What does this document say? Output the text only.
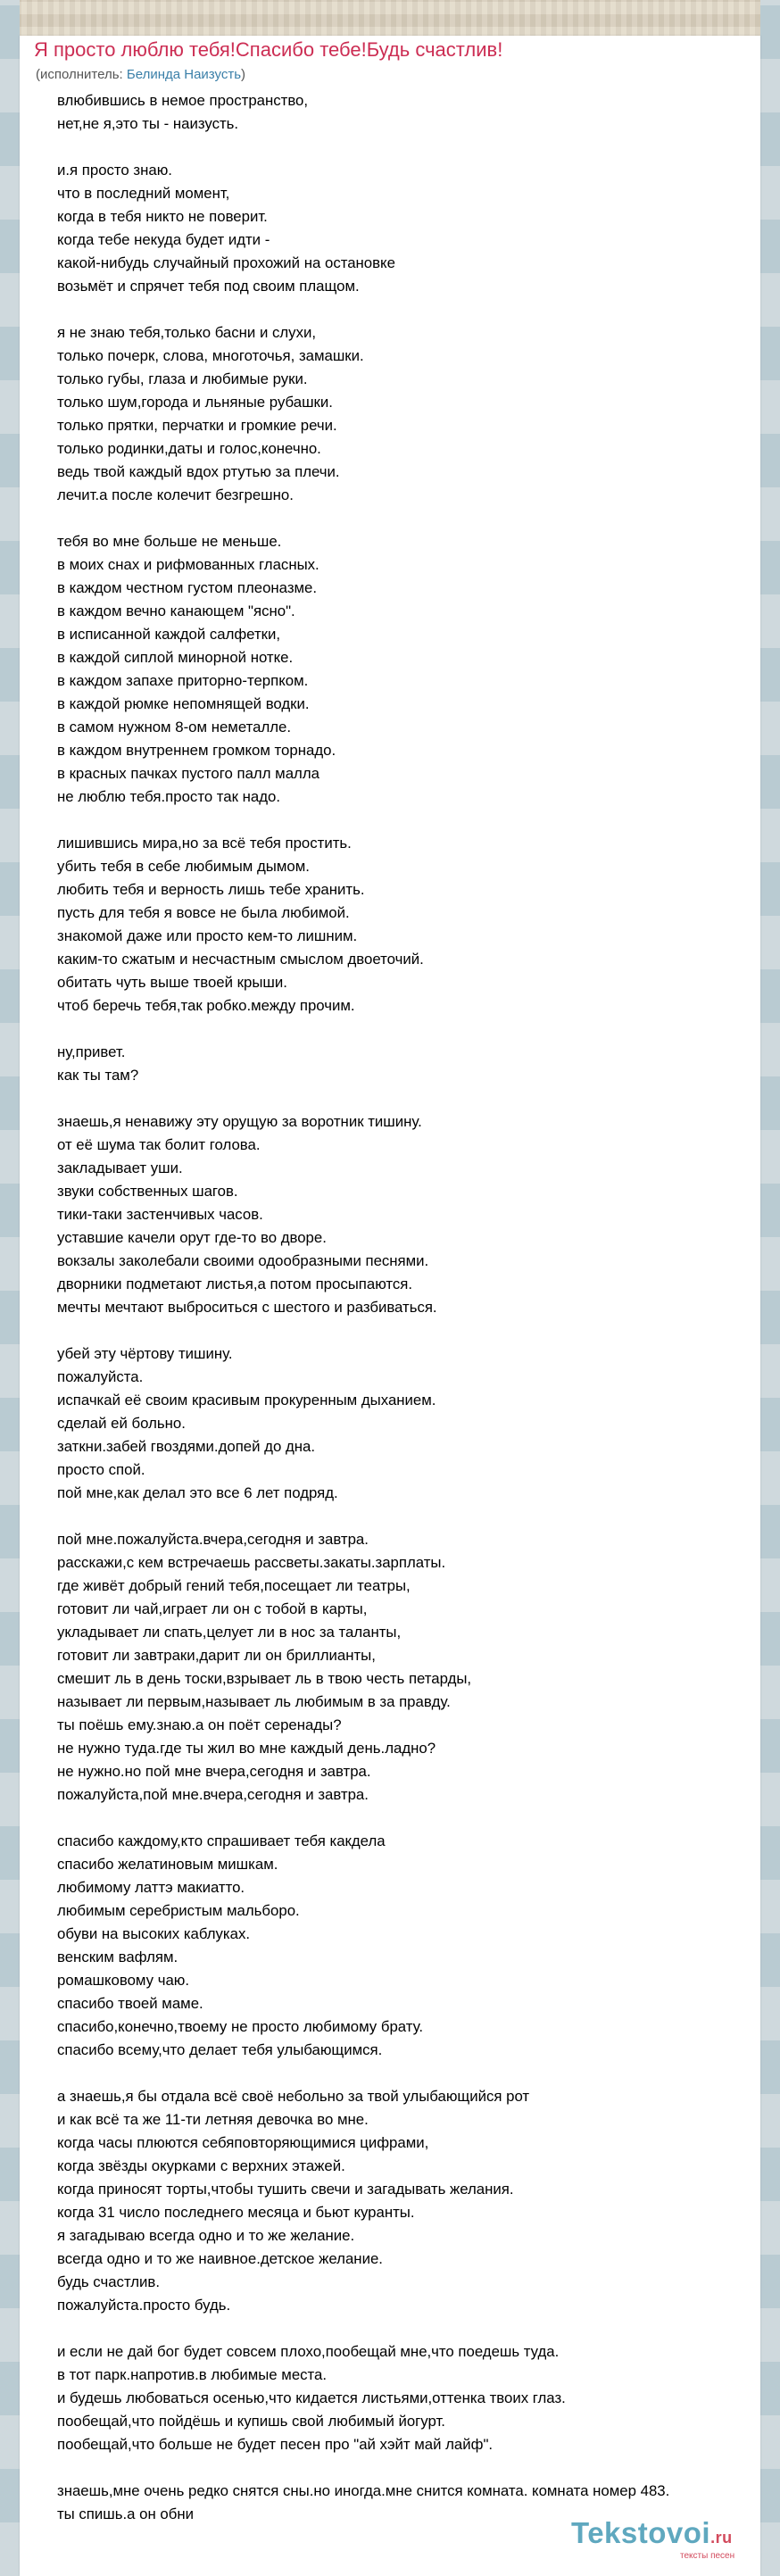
Я просто люблю тебя!Спасибо тебе!Будь счастлив!
(исполнитель: Белинда Наизусть)
влюбившись в немое пространство,
нет,не я,это ты - наизусть.
и.я просто знаю.
что в последний момент,
когда в тебя никто не поверит.
когда тебе некуда будет идти -
какой-нибудь случайный прохожий на остановке
возьмёт и спрячет тебя под своим плащом.
я не знаю тебя,только басни и слухи,
только почерк, слова, многоточья, замашки.
только губы, глаза и любимые руки.
только шум,города и льняные рубашки.
только прятки, перчатки и громкие речи.
только родинки,даты и голос,конечно.
ведь твой каждый вдох ртутью за плечи.
лечит.а после колечит безгрешно.
тебя во мне больше не меньше.
в моих снах и рифмованных гласных.
в каждом честном густом плеоназме.
в каждом вечно канающем "ясно".
в исписанной каждой салфетки,
в каждой сиплой минорной нотке.
в каждом запахе приторно-терпком.
в каждой рюмке непомнящей водки.
в самом нужном 8-ом неметалле.
в каждом внутреннем громком торнадо.
в красных пачках пустого палл малла
не люблю тебя.просто так надо.
лишившись мира,но за всё тебя простить.
убить тебя в себе любимым дымом.
любить тебя и верность лишь тебе хранить.
пусть для тебя я вовсе не была любимой.
знакомой даже или просто кем-то лишним.
каким-то сжатым и несчастным смыслом двоеточий.
обитать чуть выше твоей крыши.
чтоб беречь тебя,так робко.между прочим.
ну,привет.
как ты там?
знаешь,я ненавижу эту орущую за воротник тишину.
от её шума так болит голова.
закладывает уши.
звуки собственных шагов.
тики-таки застенчивых часов.
уставшие качели орут где-то во дворе.
вокзалы заколебали своими одообразными песнями.
дворники подметают листья,а потом просыпаются.
мечты мечтают выброситься с шестого и разбиваться.
убей эту чёртову тишину.
пожалуйста.
испачкай её своим красивым прокуренным дыханием.
сделай ей больно.
заткни.забей гвоздями.допей до дна.
просто спой.
пой мне,как делал это все 6 лет подряд.
пой мне.пожалуйста.вчера,сегодня и завтра.
расскажи,с кем встречаешь рассветы.закаты.зарплаты.
где живёт добрый гений тебя,посещает ли театры,
готовит ли чай,играет ли он с тобой в карты,
укладывает ли спать,целует ли в нос за таланты,
готовит ли завтраки,дарит ли он бриллианты,
смешит ль в день тоски,взрывает ль в твою честь петарды,
называет ли первым,называет ль любимым в за правду.
ты поёшь ему.знаю.а он поёт серенады?
не нужно туда.где ты жил во мне каждый день.ладно?
не нужно.но пой мне вчера,сегодня и завтра.
пожалуйста,пой мне.вчера,сегодня и завтра.
спасибо каждому,кто спрашивает тебя какдела
спасибо желатиновым мишкам.
любимому латтэ макиатто.
любимым серебристым мальборо.
обуви на высоких каблуках.
венским вафлям.
ромашковому чаю.
спасибо твоей маме.
спасибо,конечно,твоему не просто любимому брату.
спасибо всему,что делает тебя улыбающимся.
а знаешь,я бы отдала всё своё небольно за твой улыбающийся рот
и как всё та же 11-ти летняя девочка во мне.
когда часы плюются себяповторяющимися цифрами,
когда звёзды окурками с верхних этажей.
когда приносят торты,чтобы тушить свечи и загадывать желания.
когда 31 число последнего месяца и бьют куранты.
я загадываю всегда одно и то же желание.
всегда одно и то же наивное.детское желание.
будь счастлив.
пожалуйста.просто будь.
и если не дай бог будет совсем плохо,пообещай мне,что поедешь туда.
в тот парк.напротив.в любимые места.
и будешь любоваться осенью,что кидается листьями,оттенка твоих глаз.
пообещай,что пойдёшь и купишь свой любимый йогурт.
пообещай,что больше не будет песен про "ай хэйт май лайф".
знаешь,мне очень редко снятся сны.но иногда.мне снится комната. комната номер 483.
ты спишь.а он обни
Tekstovoi.ru
тексты песен
